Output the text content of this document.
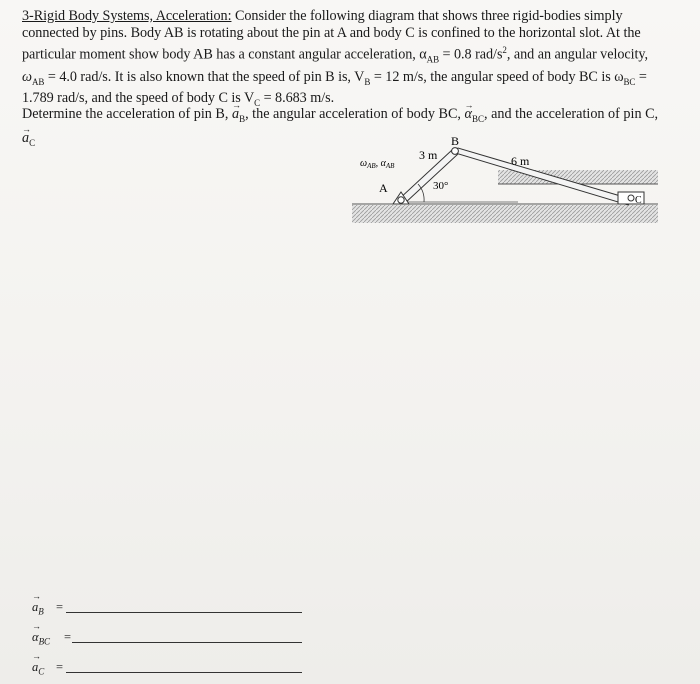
3-Rigid Body Systems, Acceleration: Consider the following diagram that shows three rigid-bodies simply
connected by pins. Body AB is rotating about the pin at A and body C is confined to the horizontal slot. At the
particular moment show body AB has a constant angular acceleration, $\alpha_{AB} = 0.8$ rad/$s^2$, and an angular velocity,
$\omega_{AB} = 4.0$ rad/s. It is also known that the speed of pin B is, $V_B = 12$ m/s, the angular speed of body BC is $\omega_{BC}$ =
1.789 rad/s, and the speed of body C is $V_C = 8.683$ m/s.
Determine the acceleration of pin B, → $a_B$, the angular acceleration of body BC, → $\alpha_{BC}$, and the acceleration of pin C,
→ $a_C$	B
A
C
3 m	6 m
30°
$\omega_{AB}$, $\alpha_{AB}$
→ $a_B$ =
→ $\alpha_{BC}$ =
→ $a_C$ =
